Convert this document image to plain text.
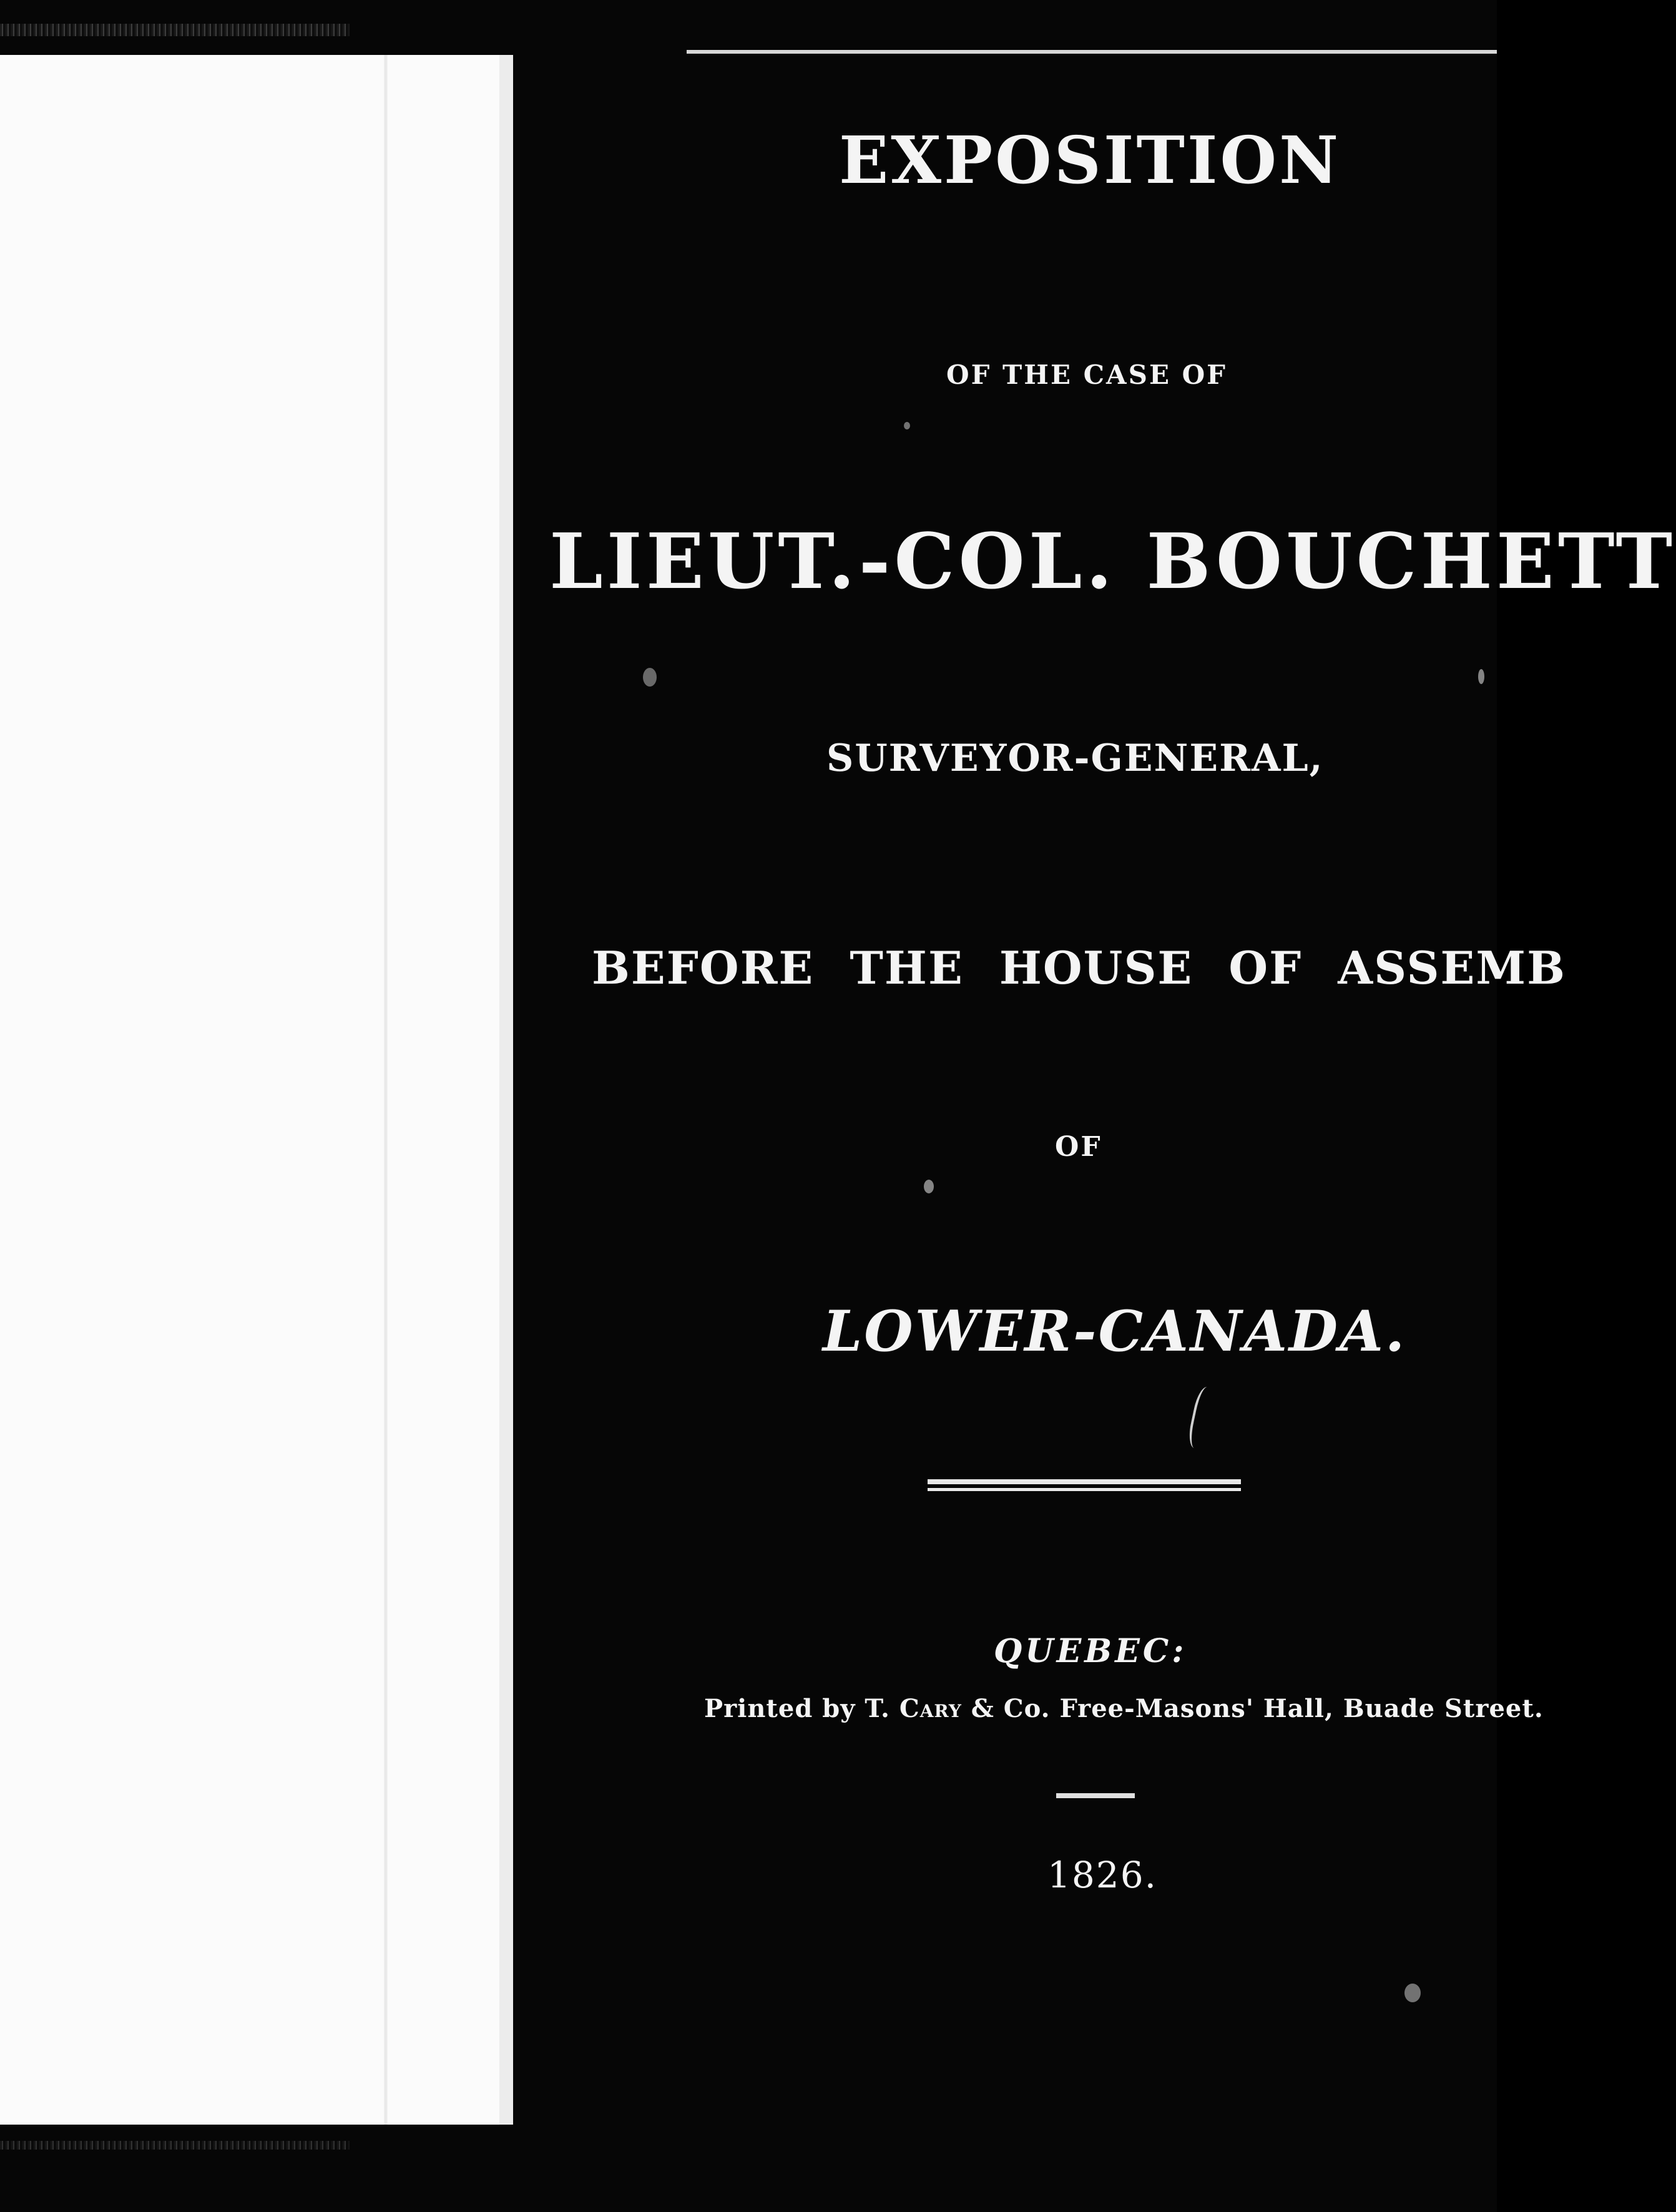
EXPOSITION
OF THE CASE OF
LIEUT.-COL. BOUCHETT
SURVEYOR-GENERAL,
BEFORE THE HOUSE OF ASSEMB
OF
LOWER-CANADA.
QUEBEC:
Printed by T. Cary & Co. Free-Masons' Hall, Buade Street.
1826.
